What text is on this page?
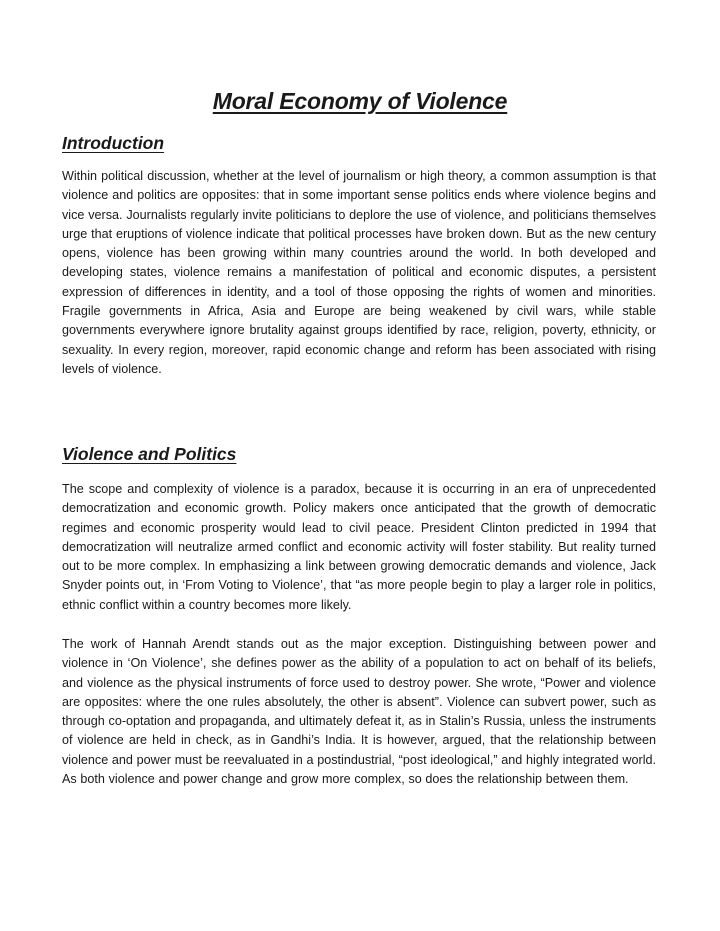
Moral Economy of Violence
Introduction

Within political discussion, whether at the level of journalism or high theory, a common assumption is that violence and politics are opposites: that in some important sense politics ends where violence begins and vice versa. Journalists regularly invite politicians to deplore the use of violence, and politicians themselves urge that eruptions of violence indicate that political processes have broken down. But as the new century opens, violence has been growing within many countries around the world. In both developed and developing states, violence remains a manifestation of political and economic disputes, a persistent expression of differences in identity, and a tool of those opposing the rights of women and minorities. Fragile governments in Africa, Asia and Europe are being weakened by civil wars, while stable governments everywhere ignore brutality against groups identified by race, religion, poverty, ethnicity, or sexuality. In every region, moreover, rapid economic change and reform has been associated with rising levels of violence.

Violence and Politics

The scope and complexity of violence is a paradox, because it is occurring in an era of unprecedented democratization and economic growth. Policy makers once anticipated that the growth of democratic regimes and economic prosperity would lead to civil peace. President Clinton predicted in 1994 that democratization will neutralize armed conflict and economic activity will foster stability. But reality turned out to be more complex. In emphasizing a link between growing democratic demands and violence, Jack Snyder points out, in ‘From Voting to Violence’, that “as more people begin to play a larger role in politics, ethnic conflict within a country becomes more likely.

The work of Hannah Arendt stands out as the major exception. Distinguishing between power and violence in ‘On Violence’, she defines power as the ability of a population to act on behalf of its beliefs, and violence as the physical instruments of force used to destroy power. She wrote, “Power and violence are opposites: where the one rules absolutely, the other is absent”. Violence can subvert power, such as through co-optation and propaganda, and ultimately defeat it, as in Stalin’s Russia, unless the instruments of violence are held in check, as in Gandhi’s India. It is however, argued, that the relationship between violence and power must be reevaluated in a postindustrial, “post ideological,” and highly integrated world. As both violence and power change and grow more complex, so does the relationship between them.
